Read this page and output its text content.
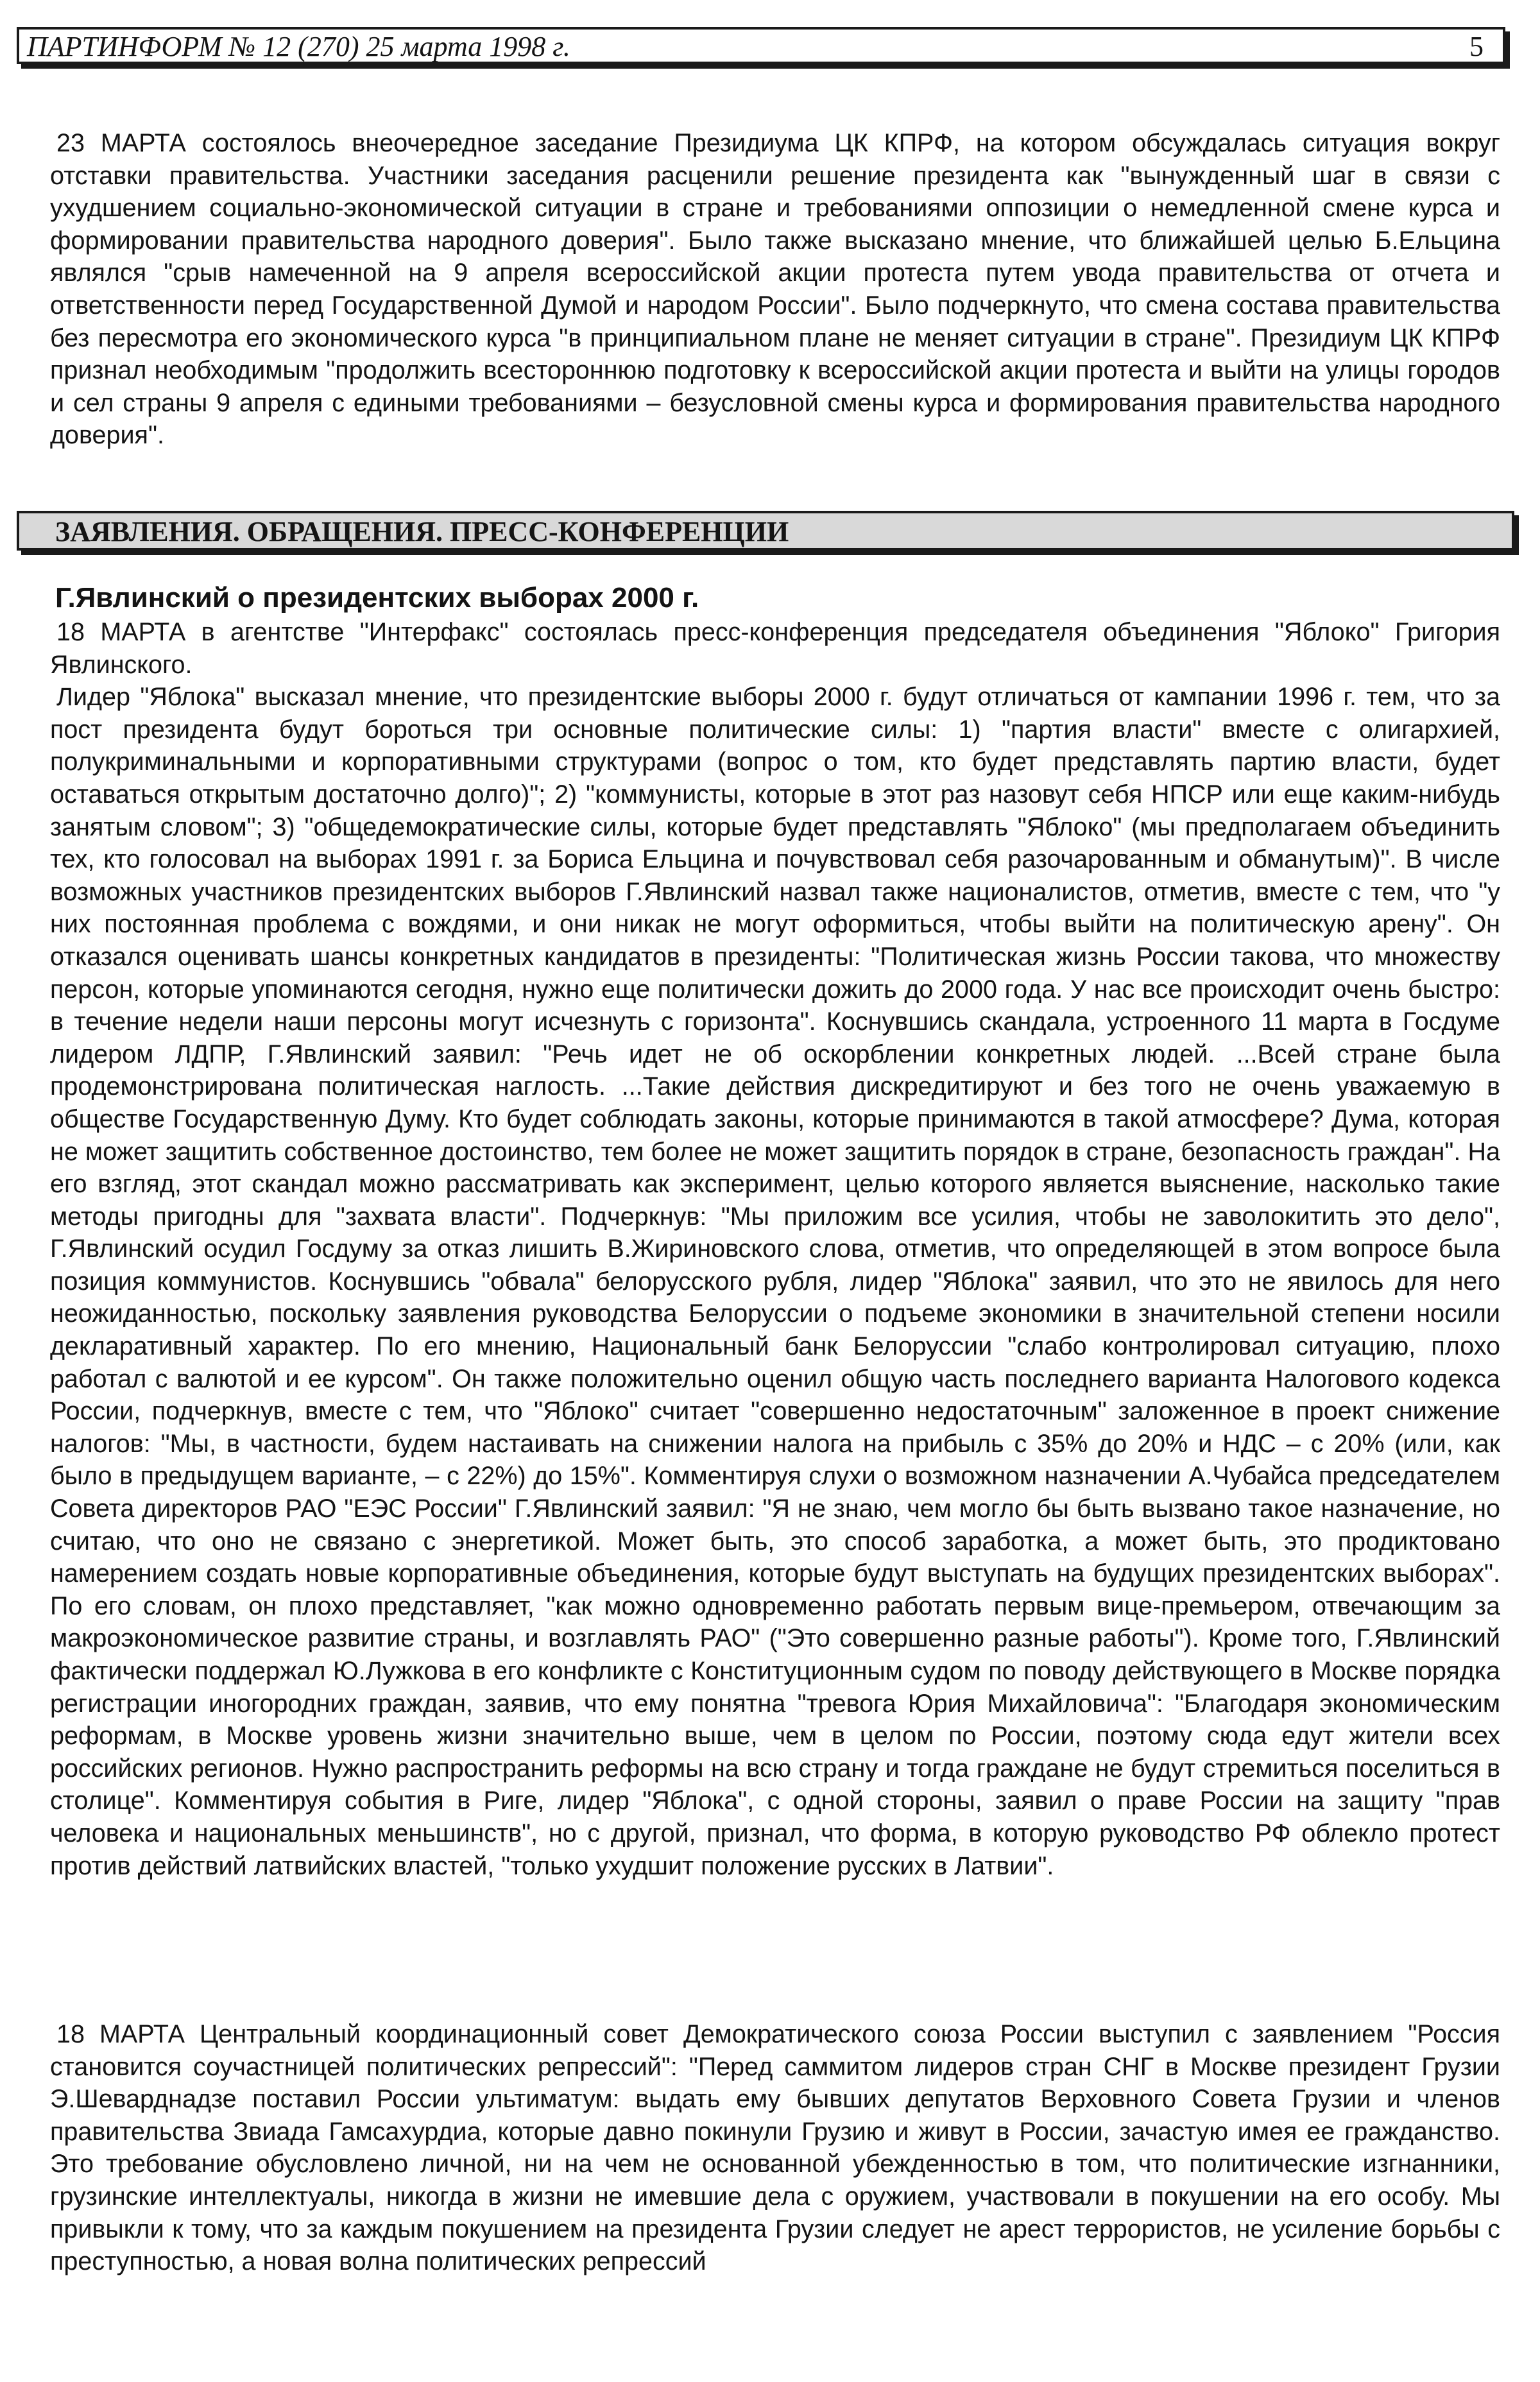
ПАРТИНФОРМ № 12 (270) 25 марта 1998 г.	5

23 МАРТА состоялось внеочередное заседание Президиума ЦК КПРФ, на котором обсуждалась ситуация вокруг отставки правительства. Участники заседания расценили решение президента как "вынужденный шаг в связи с ухудшением социально-экономической ситуации в стране и требованиями оппозиции о немедленной смене курса и формировании правительства народного доверия". Было также высказано мнение, что ближайшей целью Б.Ельцина являлся "срыв намеченной на 9 апреля всероссийской акции протеста путем увода правительства от отчета и ответственности перед Государственной Думой и народом России". Было подчеркнуто, что смена состава правительства без пересмотра его экономического курса "в принципиальном плане не меняет ситуации в стране". Президиум ЦК КПРФ признал необходимым "продолжить всестороннюю подготовку к всероссийской акции протеста и выйти на улицы городов и сел страны 9 апреля с едиными требованиями – безусловной смены курса и формирования правительства народного доверия".

ЗАЯВЛЕНИЯ. ОБРАЩЕНИЯ. ПРЕСС-КОНФЕРЕНЦИИ
Г.Явлинский о президентских выборах 2000 г.

18 МАРТА в агентстве "Интерфакс" состоялась пресс-конференция председателя объединения "Яблоко" Григория Явлинского.

Лидер "Яблока" высказал мнение, что президентские выборы 2000 г. будут отличаться от кампании 1996 г. тем, что за пост президента будут бороться три основные политические силы: 1) "партия власти" вместе с олигархией, полукриминальными и корпоративными структурами (вопрос о том, кто будет представлять партию власти, будет оставаться открытым достаточно долго)"; 2) "коммунисты, которые в этот раз назовут себя НПСР или еще каким-нибудь занятым словом"; 3) "общедемократические силы, которые будет представлять "Яблоко" (мы предполагаем объединить тех, кто голосовал на выборах 1991 г. за Бориса Ельцина и почувствовал себя разочарованным и обманутым)". В числе возможных участников президентских выборов Г.Явлинский назвал также националистов, отметив, вместе с тем, что "у них постоянная проблема с вождями, и они никак не могут оформиться, чтобы выйти на политическую арену". Он отказался оценивать шансы конкретных кандидатов в президенты: "Политическая жизнь России такова, что множеству персон, которые упоминаются сегодня, нужно еще политически дожить до 2000 года. У нас все происходит очень быстро: в течение недели наши персоны могут исчезнуть с горизонта". Коснувшись скандала, устроенного 11 марта в Госдуме лидером ЛДПР, Г.Явлинский заявил: "Речь идет не об оскорблении конкретных людей. ...Всей стране была продемонстрирована политическая наглость. ...Такие действия дискредитируют и без того не очень уважаемую в обществе Государственную Думу. Кто будет соблюдать законы, которые принимаются в такой атмосфере? Дума, которая не может защитить собственное достоинство, тем более не может защитить порядок в стране, безопасность граждан". На его взгляд, этот скандал можно рассматривать как эксперимент, целью которого является выяснение, насколько такие методы пригодны для "захвата власти". Подчеркнув: "Мы приложим все усилия, чтобы не заволокитить это дело", Г.Явлинский осудил Госдуму за отказ лишить В.Жириновского слова, отметив, что определяющей в этом вопросе была позиция коммунистов. Коснувшись "обвала" белорусского рубля, лидер "Яблока" заявил, что это не явилось для него неожиданностью, поскольку заявления руководства Белоруссии о подъеме экономики в значительной степени носили декларативный характер. По его мнению, Национальный банк Белоруссии "слабо контролировал ситуацию, плохо работал с валютой и ее курсом". Он также положительно оценил общую часть последнего варианта Налогового кодекса России, подчеркнув, вместе с тем, что "Яблоко" считает "совершенно недостаточным" заложенное в проект снижение налогов: "Мы, в частности, будем настаивать на снижении налога на прибыль с 35% до 20% и НДС – с 20% (или, как было в предыдущем варианте, – с 22%) до 15%". Комментируя слухи о возможном назначении А.Чубайса председателем Совета директоров РАО "ЕЭС России" Г.Явлинский заявил: "Я не знаю, чем могло бы быть вызвано такое назначение, но считаю, что оно не связано с энергетикой. Может быть, это способ заработка, а может быть, это продиктовано намерением создать новые корпоративные объединения, которые будут выступать на будущих президентских выборах". По его словам, он плохо представляет, "как можно одновременно работать первым вице-премьером, отвечающим за макроэкономическое развитие страны, и возглавлять РАО" ("Это совершенно разные работы"). Кроме того, Г.Явлинский фактически поддержал Ю.Лужкова в его конфликте с Конституционным судом по поводу действующего в Москве порядка регистрации иногородних граждан, заявив, что ему понятна "тревога Юрия Михайловича": "Благодаря экономическим реформам, в Москве уровень жизни значительно выше, чем в целом по России, поэтому сюда едут жители всех российских регионов. Нужно распространить реформы на всю страну и тогда граждане не будут стремиться поселиться в столице". Комментируя события в Риге, лидер "Яблока", с одной стороны, заявил о праве России на защиту "прав человека и национальных меньшинств", но с другой, признал, что форма, в которую руководство РФ облекло протест против действий латвийских властей, "только ухудшит положение русских в Латвии".

18 МАРТА Центральный координационный совет Демократического союза России выступил с заявлением "Россия становится соучастницей политических репрессий": "Перед саммитом лидеров стран СНГ в Москве президент Грузии Э.Шеварднадзе поставил России ультиматум: выдать ему бывших депутатов Верховного Совета Грузии и членов правительства Звиада Гамсахурдиа, которые давно покинули Грузию и живут в России, зачастую имея ее гражданство. Это требование обусловлено личной, ни на чем не основанной убежденностью в том, что политические изгнанники, грузинские интеллектуалы, никогда в жизни не имевшие дела с оружием, участвовали в покушении на его особу. Мы привыкли к тому, что за каждым покушением на президента Грузии следует не арест террористов, не усиление борьбы с преступностью, а новая волна политических репрессий
